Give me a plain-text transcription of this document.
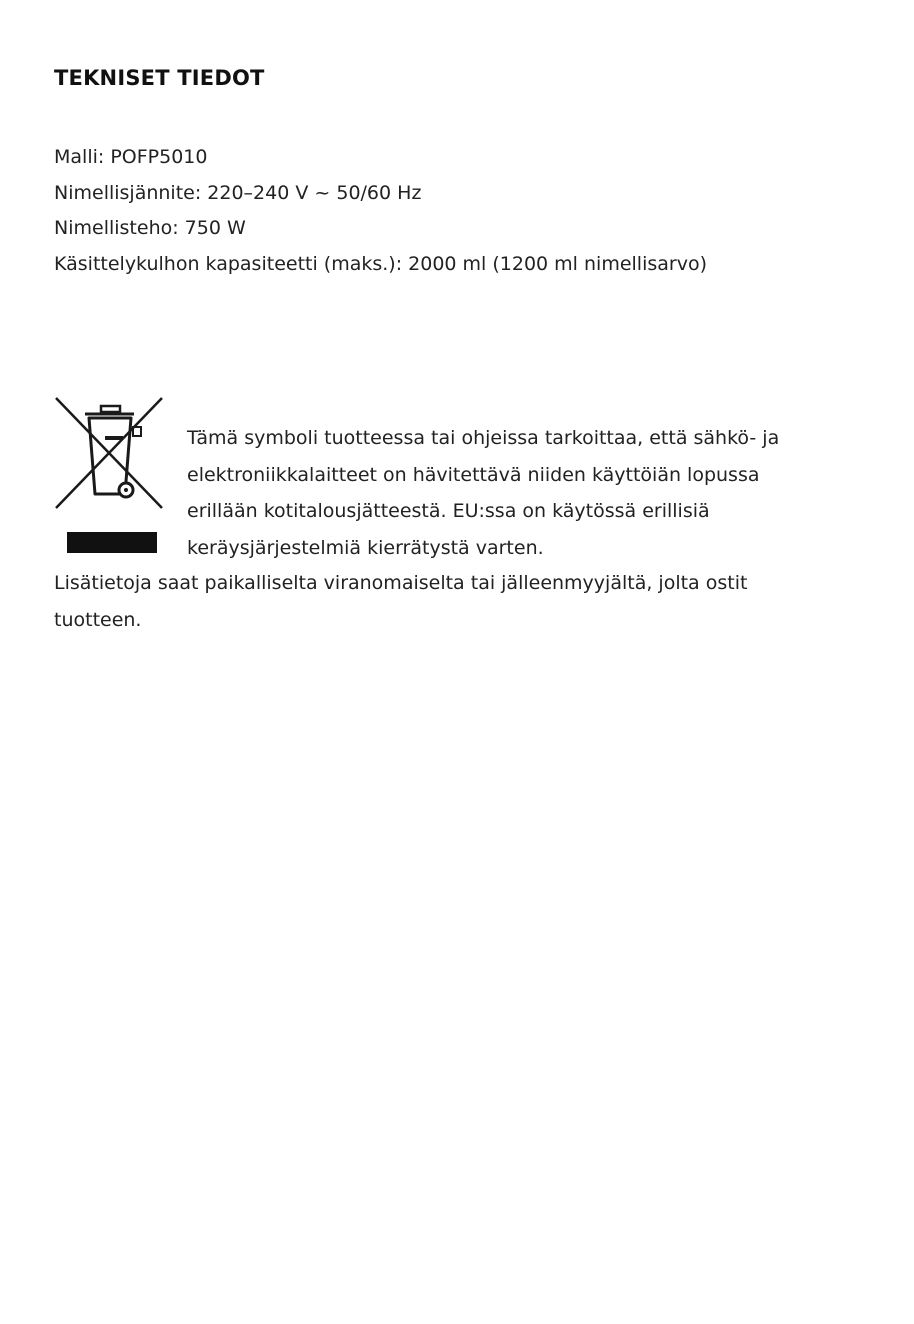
TEKNISET TIEDOT
Malli: POFP5010
Nimellisjännite: 220–240 V ~ 50/60 Hz
Nimellisteho: 750 W
Käsittelykulhon kapasiteetti (maks.): 2000 ml (1200 ml nimellisarvo)
Tämä symboli tuotteessa tai ohjeissa tarkoittaa, että sähkö- ja
elektroniikkalaitteet on hävitettävä niiden käyttöiän lopussa
erillään kotitalousjätteestä. EU:ssa on käytössä erillisiä
keräysjärjestelmiä kierrätystä varten.
Lisätietoja saat paikalliselta viranomaiselta tai jälleenmyyjältä, jolta ostit
tuotteen.
